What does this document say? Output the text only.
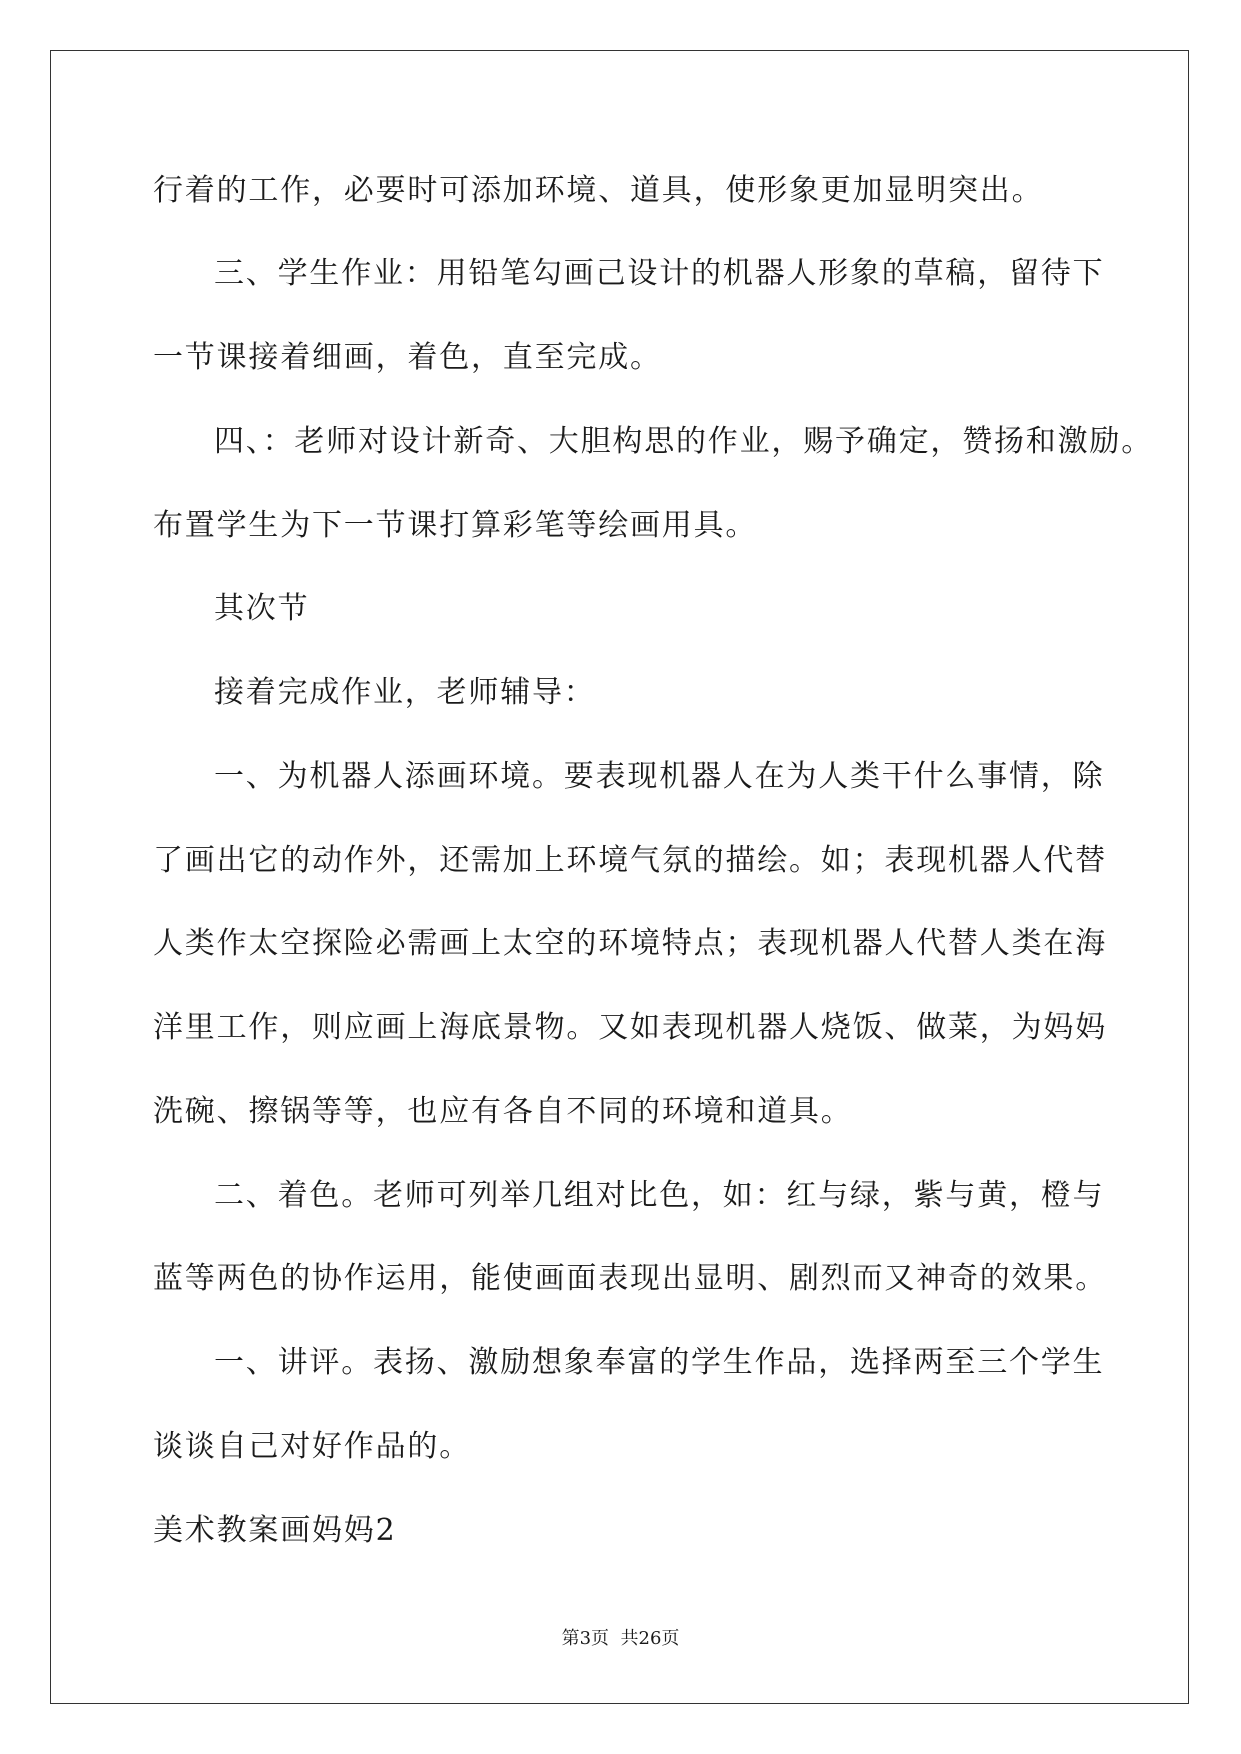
行着的工作，必要时可添加环境、道具，使形象更加显明突出。
三、学生作业：用铅笔勾画己设计的机器人形象的草稿，留待下
一节课接着细画，着色，直至完成。
四、：老师对设计新奇、大胆构思的作业，赐予确定，赞扬和激励。
布置学生为下一节课打算彩笔等绘画用具。
其次节
接着完成作业，老师辅导：
一、为机器人添画环境。要表现机器人在为人类干什么事情，除
了画出它的动作外，还需加上环境气氛的描绘。如；表现机器人代替
人类作太空探险必需画上太空的环境特点；表现机器人代替人类在海
洋里工作，则应画上海底景物。又如表现机器人烧饭、做菜，为妈妈
洗碗、擦锅等等，也应有各自不同的环境和道具。
二、着色。老师可列举几组对比色，如：红与绿，紫与黄，橙与
蓝等两色的协作运用，能使画面表现出显明、剧烈而又神奇的效果。
一、讲评。表扬、激励想象奉富的学生作品，选择两至三个学生
谈谈自己对好作品的。
美术教案画妈妈2
第3页  共26页
